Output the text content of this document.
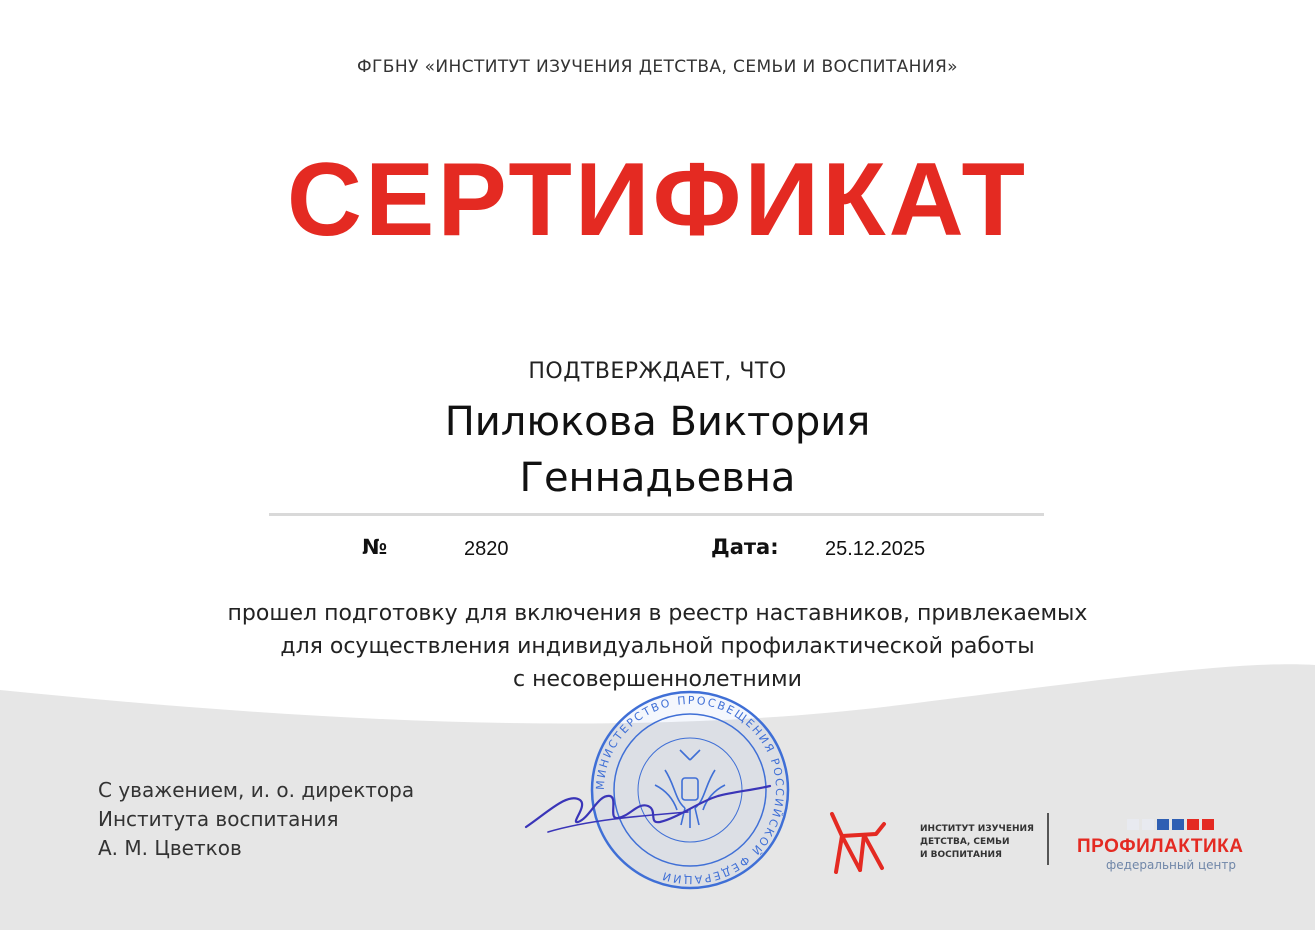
ФГБНУ «ИНСТИТУТ ИЗУЧЕНИЯ ДЕТСТВА, СЕМЬИ И ВОСПИТАНИЯ»
СЕРТИФИКАТ
ПОДТВЕРЖДАЕТ, ЧТО
Пилюкова Виктория
Геннадьевна
№	2820	Дата: 25.12.2025
прошел подготовку для включения в реестр наставников, привлекаемых
для осуществления индивидуальной профилактической работы
с несовершеннолетними
С уважением, и. о. директора
Института воспитания
А. М. Цветков
МИНИСТЕРСТВО ПРОСВЕЩЕНИЯ РОССИЙСКОЙ ФЕДЕРАЦИИ
ИНСТИТУТ ИЗУЧЕНИЯ
ДЕТСТВА, СЕМЬИ
И ВОСПИТАНИЯ	ПРОФИЛАКТИКА
федеральный центр
